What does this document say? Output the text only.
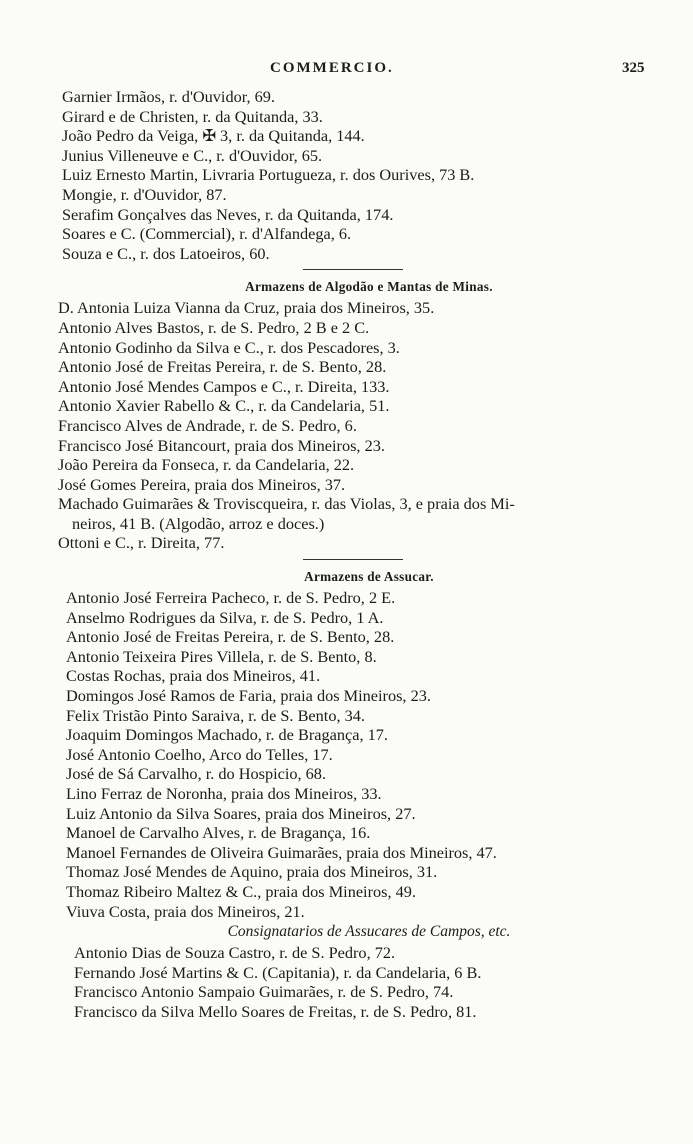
COMMERCIO.	325
Garnier Irmãos, r. d'Ouvidor, 69.
Girard e de Christen, r. da Quitanda, 33.
João Pedro da Veiga, ✠ 3, r. da Quitanda, 144.
Junius Villeneuve e C., r. d'Ouvidor, 65.
Luiz Ernesto Martin, Livraria Portugueza, r. dos Ourives, 73 B.
Mongie, r. d'Ouvidor, 87.
Serafim Gonçalves das Neves, r. da Quitanda, 174.
Soares e C. (Commercial), r. d'Alfandega, 6.
Souza e C., r. dos Latoeiros, 60.
Armazens de Algodão e Mantas de Minas.
D. Antonia Luiza Vianna da Cruz, praia dos Mineiros, 35.
Antonio Alves Bastos, r. de S. Pedro, 2 B e 2 C.
Antonio Godinho da Silva e C., r. dos Pescadores, 3.
Antonio José de Freitas Pereira, r. de S. Bento, 28.
Antonio José Mendes Campos e C., r. Direita, 133.
Antonio Xavier Rabello & C., r. da Candelaria, 51.
Francisco Alves de Andrade, r. de S. Pedro, 6.
Francisco José Bitancourt, praia dos Mineiros, 23.
João Pereira da Fonseca, r. da Candelaria, 22.
José Gomes Pereira, praia dos Mineiros, 37.
Machado Guimarães & Troviscqueira, r. das Violas, 3, e praia dos Mi-
neiros, 41 B. (Algodão, arroz e doces.)
Ottoni e C., r. Direita, 77.
Armazens de Assucar.
Antonio José Ferreira Pacheco, r. de S. Pedro, 2 E.
Anselmo Rodrigues da Silva, r. de S. Pedro, 1 A.
Antonio José de Freitas Pereira, r. de S. Bento, 28.
Antonio Teixeira Pires Villela, r. de S. Bento, 8.
Costas Rochas, praia dos Mineiros, 41.
Domingos José Ramos de Faria, praia dos Mineiros, 23.
Felix Tristão Pinto Saraiva, r. de S. Bento, 34.
Joaquim Domingos Machado, r. de Bragança, 17.
José Antonio Coelho, Arco do Telles, 17.
José de Sá Carvalho, r. do Hospicio, 68.
Lino Ferraz de Noronha, praia dos Mineiros, 33.
Luiz Antonio da Silva Soares, praia dos Mineiros, 27.
Manoel de Carvalho Alves, r. de Bragança, 16.
Manoel Fernandes de Oliveira Guimarães, praia dos Mineiros, 47.
Thomaz José Mendes de Aquino, praia dos Mineiros, 31.
Thomaz Ribeiro Maltez & C., praia dos Mineiros, 49.
Viuva Costa, praia dos Mineiros, 21.
Consignatarios de Assucares de Campos, etc.
Antonio Dias de Souza Castro, r. de S. Pedro, 72.
Fernando José Martins & C. (Capitania), r. da Candelaria, 6 B.
Francisco Antonio Sampaio Guimarães, r. de S. Pedro, 74.
Francisco da Silva Mello Soares de Freitas, r. de S. Pedro, 81.
